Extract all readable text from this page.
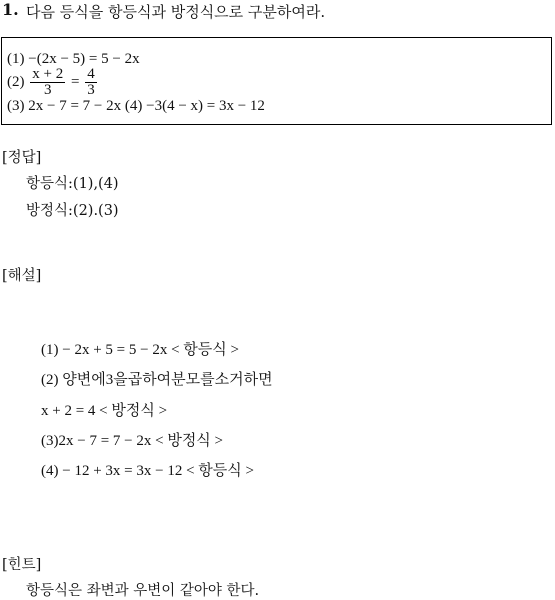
1. 다음 등식을 항등식과 방정식으로 구분하여라.
(1) −(2x − 5) = 5 − 2x
$(2) \frac{x + 2}{3} = \frac{4}{3}$
(3) 2x − 7 = 7 − 2x (4) −3(4 − x) = 3x − 12
[정답]
항등식:(1),(4)
방정식:(2).(3)
[해설]
(1) − 2x + 5 = 5 − 2x < 항등식 >
(2) 양변에3을곱하여분모를소거하면
x + 2 = 4 < 방정식 >
(3)2x − 7 = 7 − 2x < 방정식 >
(4) − 12 + 3x = 3x − 12 < 항등식 >
[힌트]
항등식은 좌변과 우변이 같아야 한다.
